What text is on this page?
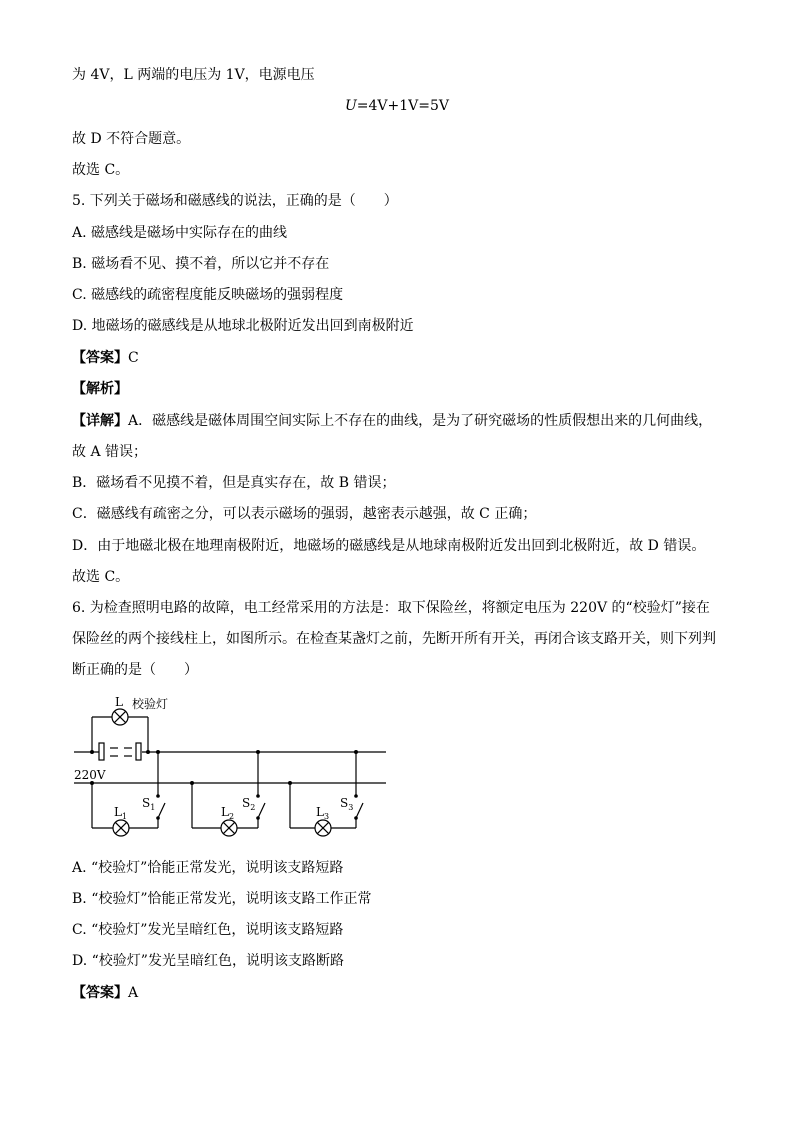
为 4V，L 两端的电压为 1V，电源电压
U=4V+1V=5V
故 D 不符合题意。
故选 C。
5. 下列关于磁场和磁感线的说法，正确的是（　　）
A. 磁感线是磁场中实际存在的曲线
B. 磁场看不见、摸不着，所以它并不存在
C. 磁感线的疏密程度能反映磁场的强弱程度
D. 地磁场的磁感线是从地球北极附近发出回到南极附近
【答案】C
【解析】
【详解】A．磁感线是磁体周围空间实际上不存在的曲线，是为了研究磁场的性质假想出来的几何曲线，
故 A 错误；
B．磁场看不见摸不着，但是真实存在，故 B 错误；
C．磁感线有疏密之分，可以表示磁场的强弱，越密表示越强，故 C 正确；
D．由于地磁北极在地理南极附近，地磁场的磁感线是从地球南极附近发出回到北极附近，故 D 错误。
故选 C。
6. 为检查照明电路的故障，电工经常采用的方法是：取下保险丝，将额定电压为 220V 的“校验灯”接在
保险丝的两个接线柱上，如图所示。在检查某盏灯之前，先断开所有开关，再闭合该支路开关，则下列判
断正确的是（　　）
L 校验灯
220V
$L_1$	$L_2$	$L_3$
$S_1$	$S_2$	$S_3$
A. “校验灯”恰能正常发光，说明该支路短路
B. “校验灯”恰能正常发光，说明该支路工作正常
C. “校验灯”发光呈暗红色，说明该支路短路
D. “校验灯”发光呈暗红色，说明该支路断路
【答案】A
